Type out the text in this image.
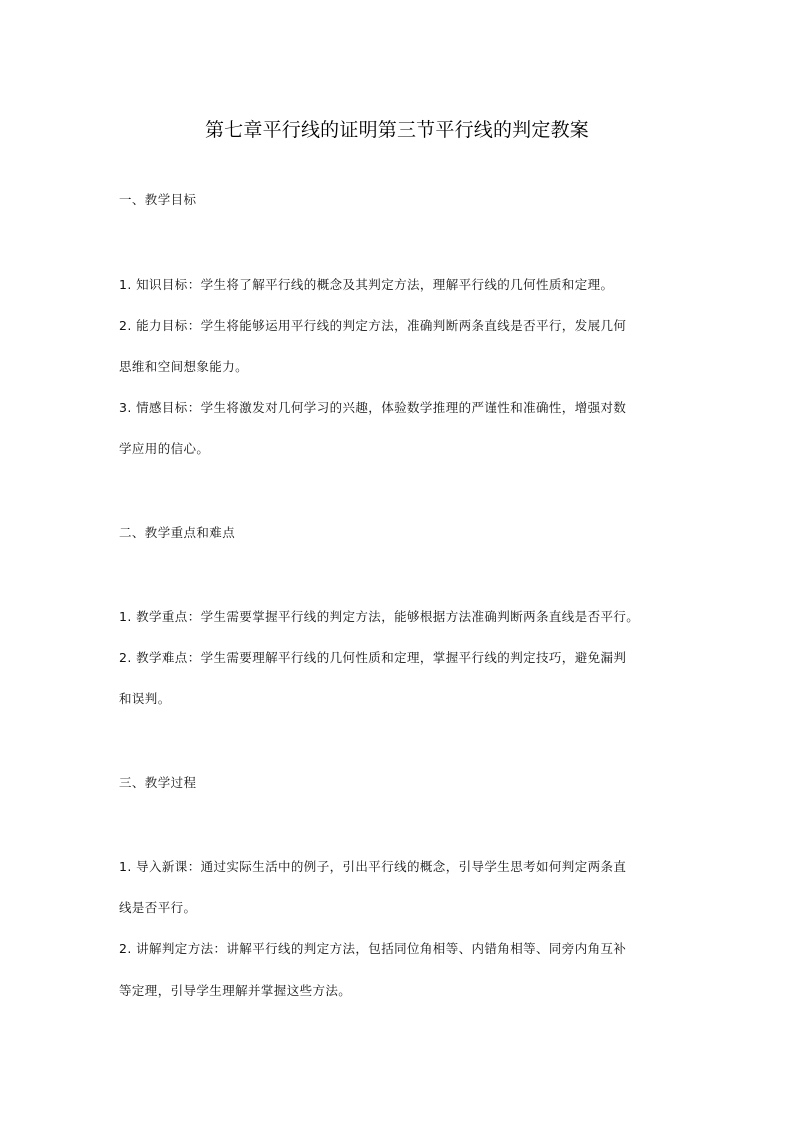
第七章平行线的证明第三节平行线的判定教案
一、教学目标
1. 知识目标：学生将了解平行线的概念及其判定方法，理解平行线的几何性质和定理。
2. 能力目标：学生将能够运用平行线的判定方法，准确判断两条直线是否平行，发展几何
思维和空间想象能力。
3. 情感目标：学生将激发对几何学习的兴趣，体验数学推理的严谨性和准确性，增强对数
学应用的信心。
二、教学重点和难点
1. 教学重点：学生需要掌握平行线的判定方法，能够根据方法准确判断两条直线是否平行。
2. 教学难点：学生需要理解平行线的几何性质和定理，掌握平行线的判定技巧，避免漏判
和误判。
三、教学过程
1. 导入新课：通过实际生活中的例子，引出平行线的概念，引导学生思考如何判定两条直
线是否平行。
2. 讲解判定方法：讲解平行线的判定方法，包括同位角相等、内错角相等、同旁内角互补
等定理，引导学生理解并掌握这些方法。
